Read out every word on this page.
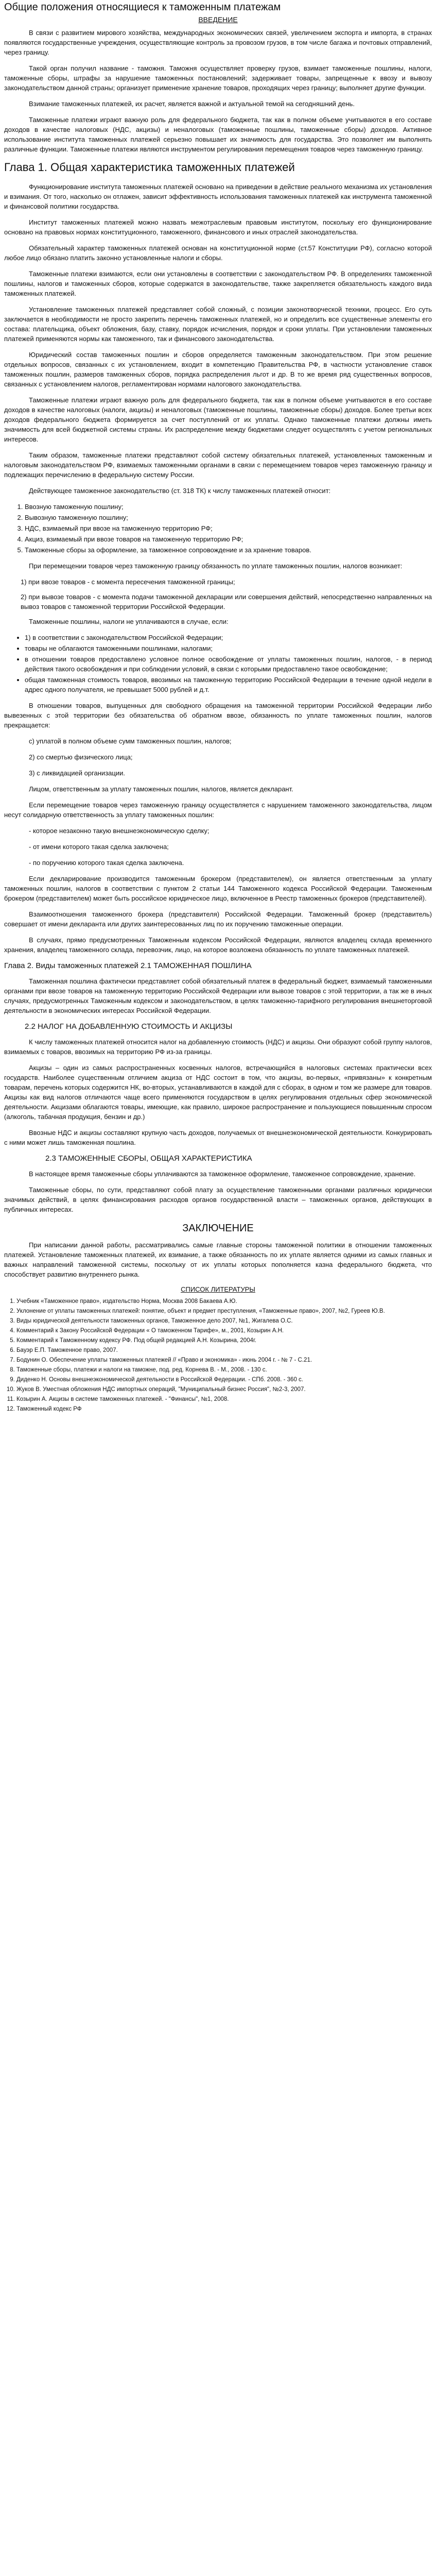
Общие положения относящиеся к таможенным платежам
ВВЕДЕНИЕ

В связи с развитием мирового хозяйства, международных экономических связей, увеличением экспорта и импорта, в странах появляются государственные учреждения, осуществляющие контроль за провозом грузов, в том числе багажа и почтовых отправлений, через границу.

Такой орган получил название - таможня. Таможня осуществляет проверку грузов, взимает таможенные пошлины, налоги, таможенные сборы, штрафы за нарушение таможенных постановлений; задерживает товары, запрещенные к ввозу и вывозу законодательством данной страны; организует применение хранение товаров, проходящих через границу; выполняет другие функции.

Взимание таможенных платежей, их расчет, является важной и актуальной темой на сегодняшний день.

Таможенные платежи играют важную роль для федерального бюджета, так как в полном объеме учитываются в его составе доходов в качестве налоговых (НДС, акцизы) и неналоговых (таможенные пошлины, таможенные сборы) доходов. Активное использование института таможенных платежей серьезно повышает их значимость для государства. Это позволяет им выполнять различные функции. Таможенные платежи являются инструментом регулирования перемещения товаров через таможенную границу.

Глава 1. Общая характеристика таможенных платежей

Функционирование института таможенных платежей основано на приведении в действие реального механизма их установления и взимания. От того, насколько он отлажен, зависит эффективность использования таможенных платежей как инструмента таможенной и финансовой политики государства.

Институт таможенных платежей можно назвать межотраслевым правовым институтом, поскольку его функционирование основано на правовых нормах конституционного, таможенного, финансового и иных отраслей законодательства.

Обязательный характер таможенных платежей основан на конституционной норме (ст.57 Конституции РФ), согласно которой любое лицо обязано платить законно установленные налоги и сборы.

Таможенные платежи взимаются, если они установлены в соответствии с законодательством РФ. В определениях таможенной пошлины, налогов и таможенных сборов, которые содержатся в законодательстве, также закрепляется обязательность каждого вида таможенных платежей.

Установление таможенных платежей представляет собой сложный, с позиции законотворческой техники, процесс. Его суть заключается в необходимости не просто закрепить перечень таможенных платежей, но и определить все существенные элементы его состава: плательщика, объект обложения, базу, ставку, порядок исчисления, порядок и сроки уплаты. При установлении таможенных платежей применяются нормы как таможенного, так и финансового законодательства.

Юридический состав таможенных пошлин и сборов определяется таможенным законодательством. При этом решение отдельных вопросов, связанных с их установлением, входит в компетенцию Правительства РФ, в частности установление ставок таможенных пошлин, размеров таможенных сборов, порядка распределения льгот и др. В то же время ряд существенных вопросов, связанных с установлением налогов, регламентирован нормами налогового законодательства.

Таможенные платежи играют важную роль для федерального бюджета, так как в полном объеме учитываются в его составе доходов в качестве налоговых (налоги, акцизы) и неналоговых (таможенные пошлины, таможенные сборы) доходов. Более третьи всех доходов федерального бюджета формируется за счет поступлений от их уплаты. Однако таможенные платежи должны иметь значимость для всей бюджетной системы страны. Их распределение между бюджетами следует осуществлять с учетом региональных интересов.

Таким образом, таможенные платежи представляют собой систему обязательных платежей, установленных таможенным и налоговым законодательством РФ, взимаемых таможенными органами в связи с перемещением товаров через таможенную границу и подлежащих перечислению в федеральную систему России.

Действующее таможенное законодательство (ст. 318 ТК) к числу таможенных платежей относит:

1. Ввозную таможенную пошлину;
2. Вывозную таможенную пошлину;
3. НДС, взимаемый при ввозе на таможенную территорию РФ;
4. Акциз, взимаемый при ввозе товаров на таможенную территорию РФ;
5. Таможенные сборы за оформление, за таможенное сопровождение и за хранение товаров.

При перемещении товаров через таможенную границу обязанность по уплате таможенных пошлин, налогов возникает:

1) при ввозе товаров - с момента пересечения таможенной границы;

2) при вывозе товаров - с момента подачи таможенной декларации или совершения действий, непосредственно направленных на вывоз товаров с таможенной территории Российской Федерации.

Таможенные пошлины, налоги не уплачиваются в случае, если:

• 1) в соответствии с законодательством Российской Федерации;
• товары не облагаются таможенными пошлинами, налогами;
• в отношении товаров предоставлено условное полное освобождение от уплаты таможенных пошлин, налогов, - в период действия такого освобождения и при соблюдении условий, в связи с которыми предоставлено такое освобождение;
• общая таможенная стоимость товаров, ввозимых на таможенную территорию Российской Федерации в течение одной недели в адрес одного получателя, не превышает 5000 рублей и д.т.

В отношении товаров, выпущенных для свободного обращения на таможенной территории Российской Федерации либо вывезенных с этой территории без обязательства об обратном ввозе, обязанность по уплате таможенных пошлин, налогов прекращается:

с) уплатой в полном объеме сумм таможенных пошлин, налогов;

2) со смертью физического лица;

3) с ликвидацией организации.

Лицом, ответственным за уплату таможенных пошлин, налогов, является декларант.

Если перемещение товаров через таможенную границу осуществляется с нарушением таможенного законодательства, лицом несут солидарную ответственность за уплату таможенных пошлин:

- которое незаконно такую внешнеэкономическую сделку;

- от имени которого такая сделка заключена;

- по поручению которого такая сделка заключена.

Если декларирование производится таможенным брокером (представителем), он является ответственным за уплату таможенных пошлин, налогов в соответствии с пунктом 2 статьи 144 Таможенного кодекса Российской Федерации. Таможенным брокером (представителем) может быть российское юридическое лицо, включенное в Реестр таможенных брокеров (представителей).

Взаимоотношения таможенного брокера (представителя) Российской Федерации. Таможенный брокер (представитель) совершает от имени декларанта или других заинтересованных лиц по их поручению таможенные операции.

В случаях, прямо предусмотренных Таможенным кодексом Российской Федерации, являются владелец склада временного хранения, владелец таможенного склада, перевозчик, лицо, на которое возложена обязанность по уплате таможенных платежей.

Глава 2. Виды таможенных платежей 2.1 ТАМОЖЕННАЯ ПОШЛИНА

Таможенная пошлина фактически представляет собой обязательный платеж в федеральный бюджет, взимаемый таможенными органами при ввозе товаров на таможенную территорию Российской Федерации или вывозе товаров с этой территории, а так же в иных случаях, предусмотренных Таможенным кодексом и законодательством, в целях таможенно-тарифного регулирования внешнеторговой деятельности в экономических интересах Российской Федерации.

2.2 НАЛОГ НА ДОБАВЛЕННУЮ СТОИМОСТЬ И АКЦИЗЫ

К числу таможенных платежей относится налог на добавленную стоимость (НДС) и акцизы. Они образуют собой группу налогов, взимаемых с товаров, ввозимых на территорию РФ из-за границы.

Акцизы – один из самых распространенных косвенных налогов, встречающийся в налоговых системах практически всех государств. Наиболее существенным отличием акциза от НДС состоит в том, что акцизы, во-первых, «привязаны» к конкретным товарам, перечень которых содержится НК, во-вторых, устанавливаются в каждой для с сборах, в одном и том же размере для товаров. Акцизы как вид налогов отличаются чаще всего применяются государством в целях регулирования отдельных сфер экономической деятельности. Акцизами облагаются товары, имеющие, как правило, широкое распространение и пользующиеся повышенным спросом (алкоголь, табачная продукция, бензин и др.)

Ввозные НДС и акцизы составляют крупную часть доходов, получаемых от внешнеэкономической деятельности. Конкурировать с ними может лишь таможенная пошлина.

2.3 ТАМОЖЕННЫЕ СБОРЫ, ОБЩАЯ ХАРАКТЕРИСТИКА

В настоящее время таможенные сборы уплачиваются за таможенное оформление, таможенное сопровождение, хранение.

Таможенные сборы, по сути, представляют собой плату за осуществление таможенными органами различных юридически значимых действий, в целях финансирования расходов органов государственной власти – таможенных органов, действующих в публичных интересах.

ЗАКЛЮЧЕНИЕ

При написании данной работы, рассматривались самые главные стороны таможенной политики в отношении таможенных платежей. Установление таможенных платежей, их взимание, а также обязанность по их уплате является одними из самых главных и важных направлений таможенной системы, поскольку от их уплаты которых пополняется казна федерального бюджета, что способствует развитию внутреннего рынка.

СПИСОК ЛИТЕРАТУРЫ
1. Учебник «Таможенное право», издательство Норма, Москва 2008 Бакаева А.Ю.
2. Уклонение от уплаты таможенных платежей: понятие, объект и предмет преступления, «Таможенные право», 2007, №2, Гуреев Ю.В.
3. Виды юридической деятельности таможенных органов, Таможенное дело 2007, №1, Жигалева О.С.
4. Комментарий к Закону Российской Федерации « О таможенном Тарифе», м., 2001, Козырин А.Н.
5. Комментарий к Таможенному кодексу РФ. Под общей редакцией А.Н. Козырина, 2004г.
6. Бауэр Е.П. Таможенное право, 2007.
7. Бодунин О. Обеспечение уплаты таможенных платежей // «Право и экономика» - июнь 2004 г. - № 7 - С.21.
8. Таможенные сборы, платежи и налоги на таможне, под. ред. Корнева В. - М., 2008. - 130 с.
9. Диденко Н. Основы внешнеэкономической деятельности в Российской Федерации. - СПб. 2008. - 360 с.
10. Жуков В. Уместная обложения НДС импортных операций, "Муниципальный бизнес Россия", №2-3, 2007.
11. Козырин А. Акцизы в системе таможенных платежей. - "Финансы", №1, 2008.
12. Таможенный кодекс РФ
